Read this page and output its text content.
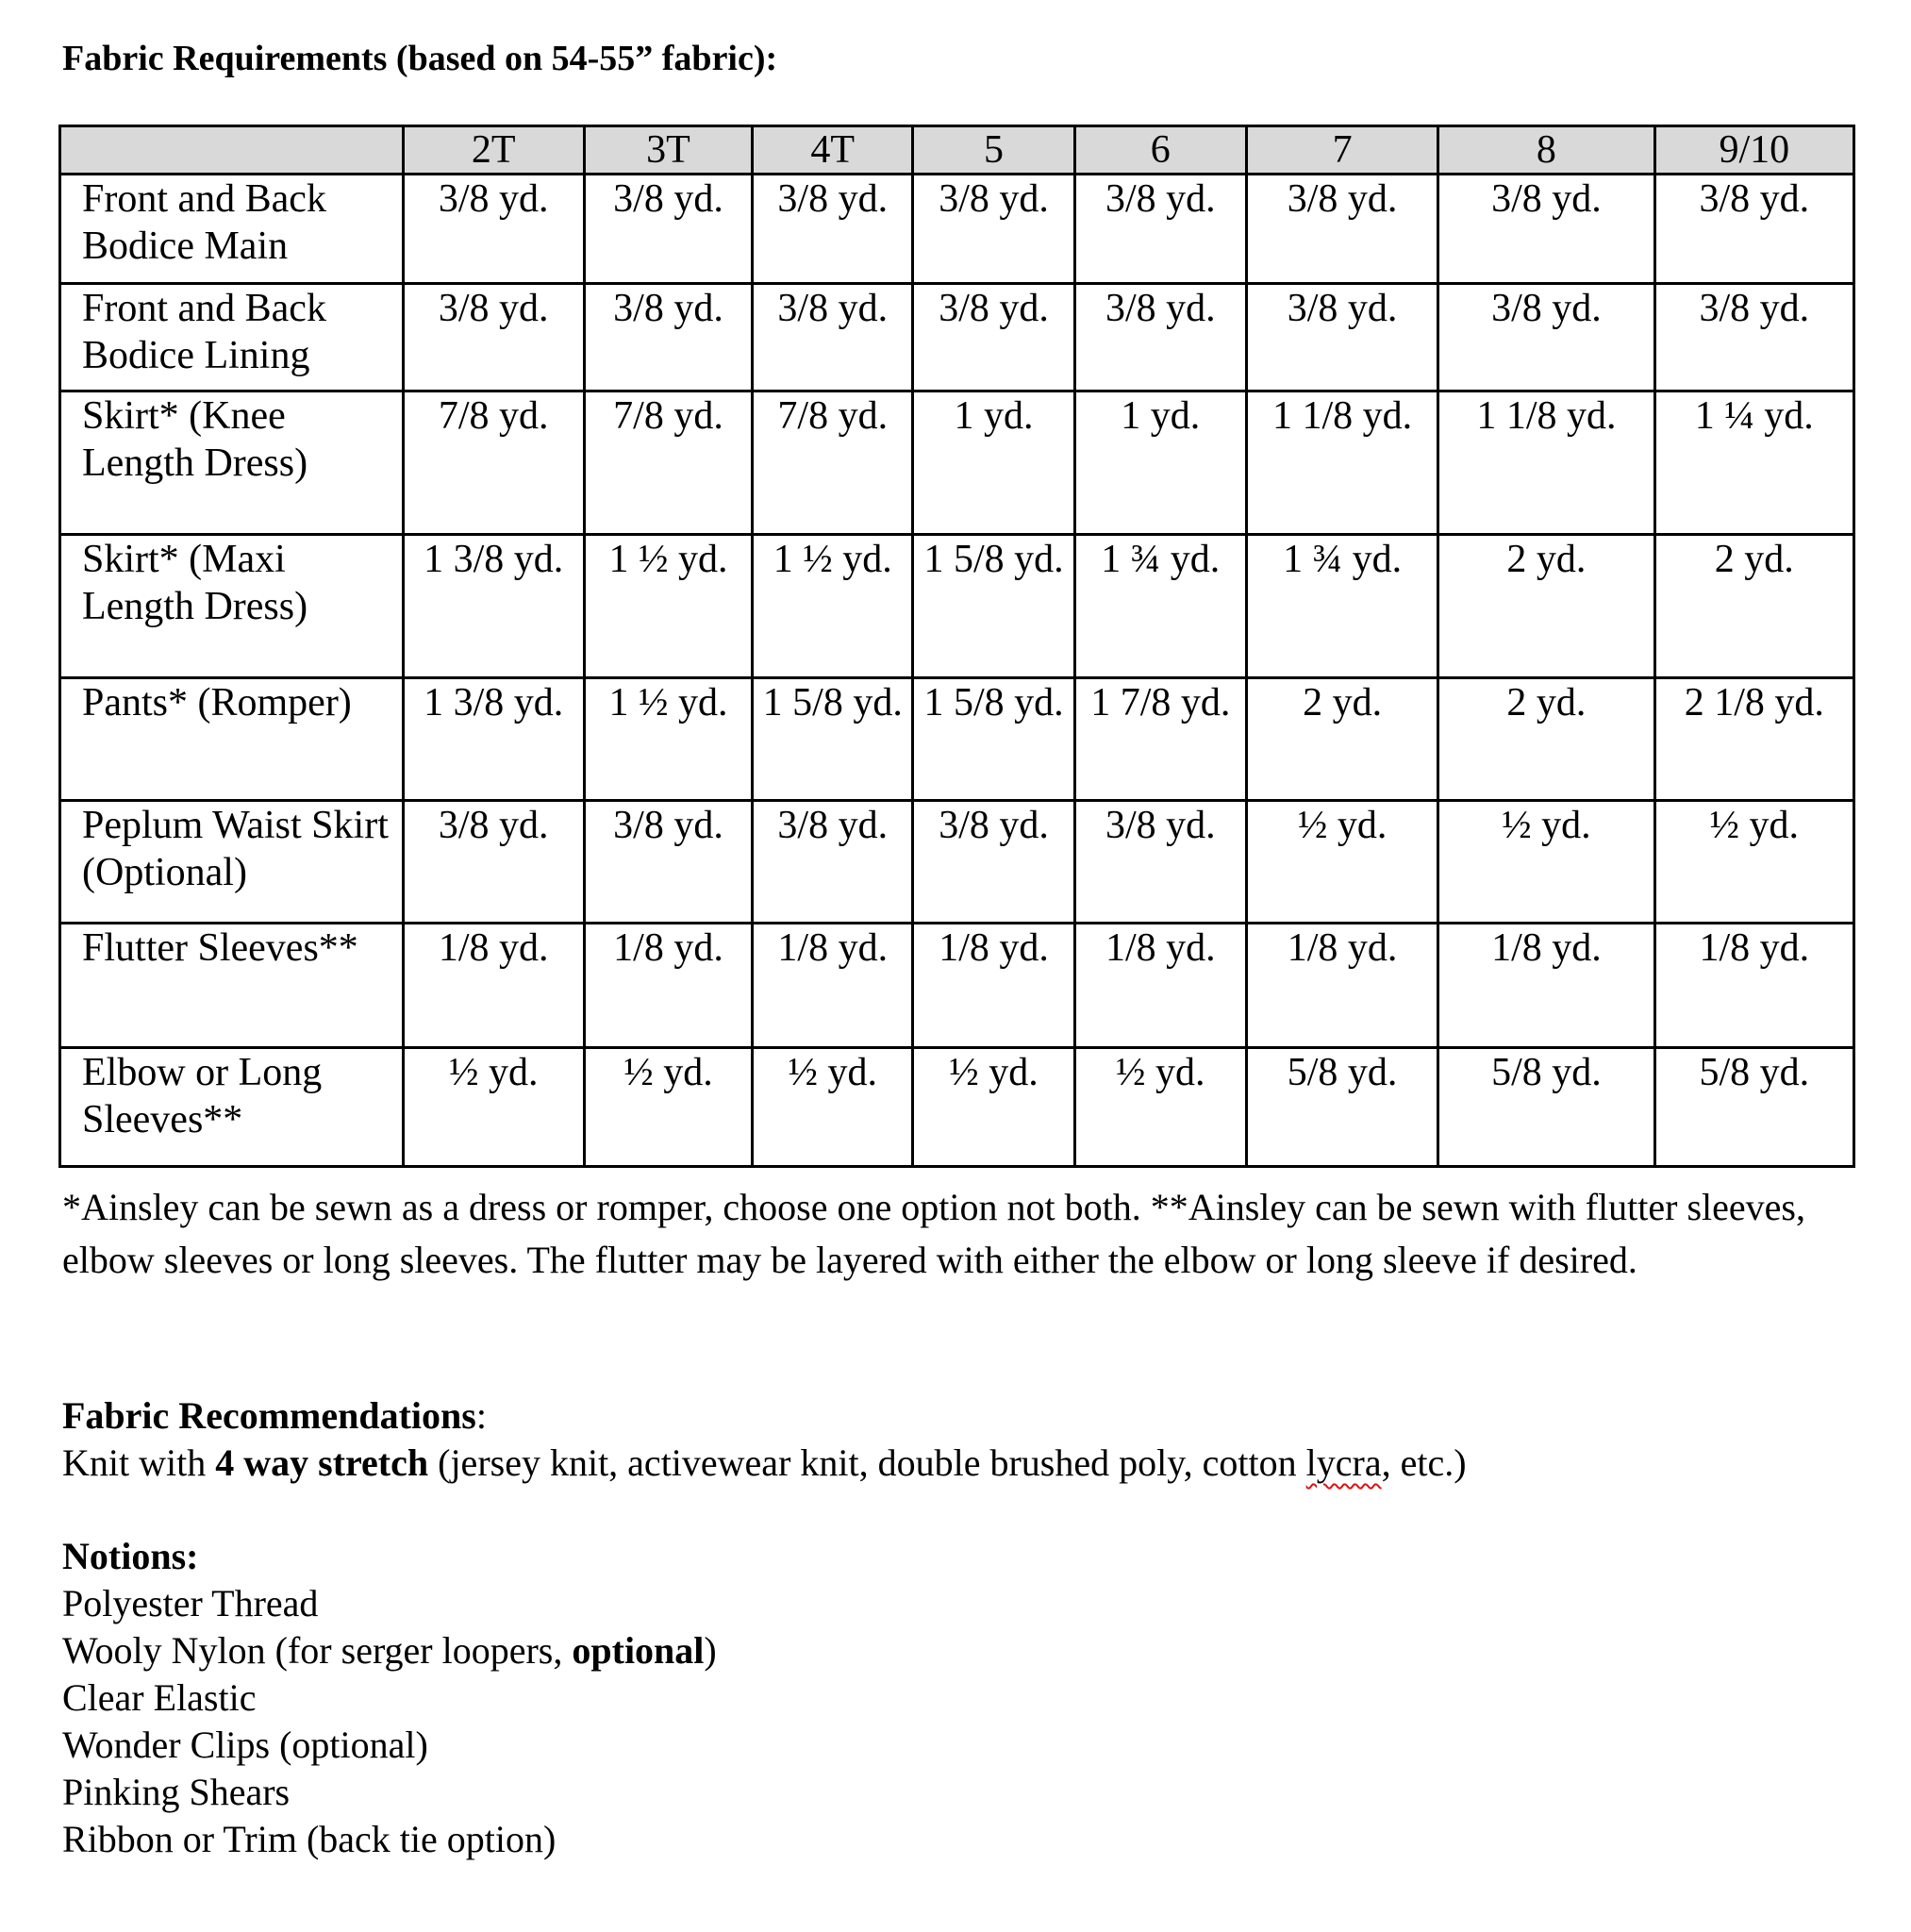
Fabric Requirements (based on 54-55” fabric):
	2T	3T	4T	5	6	7	8	9/10
Front and Back Bodice Main	3/8 yd.	3/8 yd.	3/8 yd.	3/8 yd.	3/8 yd.	3/8 yd.	3/8 yd.	3/8 yd.
Front and Back Bodice Lining	3/8 yd.	3/8 yd.	3/8 yd.	3/8 yd.	3/8 yd.	3/8 yd.	3/8 yd.	3/8 yd.
Skirt* (Knee Length Dress)	7/8 yd.	7/8 yd.	7/8 yd.	1 yd.	1 yd.	1 1/8 yd.	1 1/8 yd.	1 ¼ yd.
Skirt* (Maxi Length Dress)	1 3/8 yd.	1 ½ yd.	1 ½ yd.	1 5/8 yd.	1 ¾ yd.	1 ¾ yd.	2 yd.	2 yd.
Pants* (Romper)	1 3/8 yd.	1 ½ yd.	1 5/8 yd.	1 5/8 yd.	1 7/8 yd.	2 yd.	2 yd.	2 1/8 yd.
Peplum Waist Skirt (Optional)	3/8 yd.	3/8 yd.	3/8 yd.	3/8 yd.	3/8 yd.	½ yd.	½ yd.	½ yd.
Flutter Sleeves**	1/8 yd.	1/8 yd.	1/8 yd.	1/8 yd.	1/8 yd.	1/8 yd.	1/8 yd.	1/8 yd.
Elbow or Long Sleeves**	½ yd.	½ yd.	½ yd.	½ yd.	½ yd.	5/8 yd.	5/8 yd.	5/8 yd.
*Ainsley can be sewn as a dress or romper, choose one option not both. **Ainsley can be sewn with flutter sleeves, elbow sleeves or long sleeves. The flutter may be layered with either the elbow or long sleeve if desired.
Fabric Recommendations:
Knit with 4 way stretch (jersey knit, activewear knit, double brushed poly, cotton lycra, etc.)
Notions:
Polyester Thread
Wooly Nylon (for serger loopers, optional)
Clear Elastic
Wonder Clips (optional)
Pinking Shears
Ribbon or Trim (back tie option)
